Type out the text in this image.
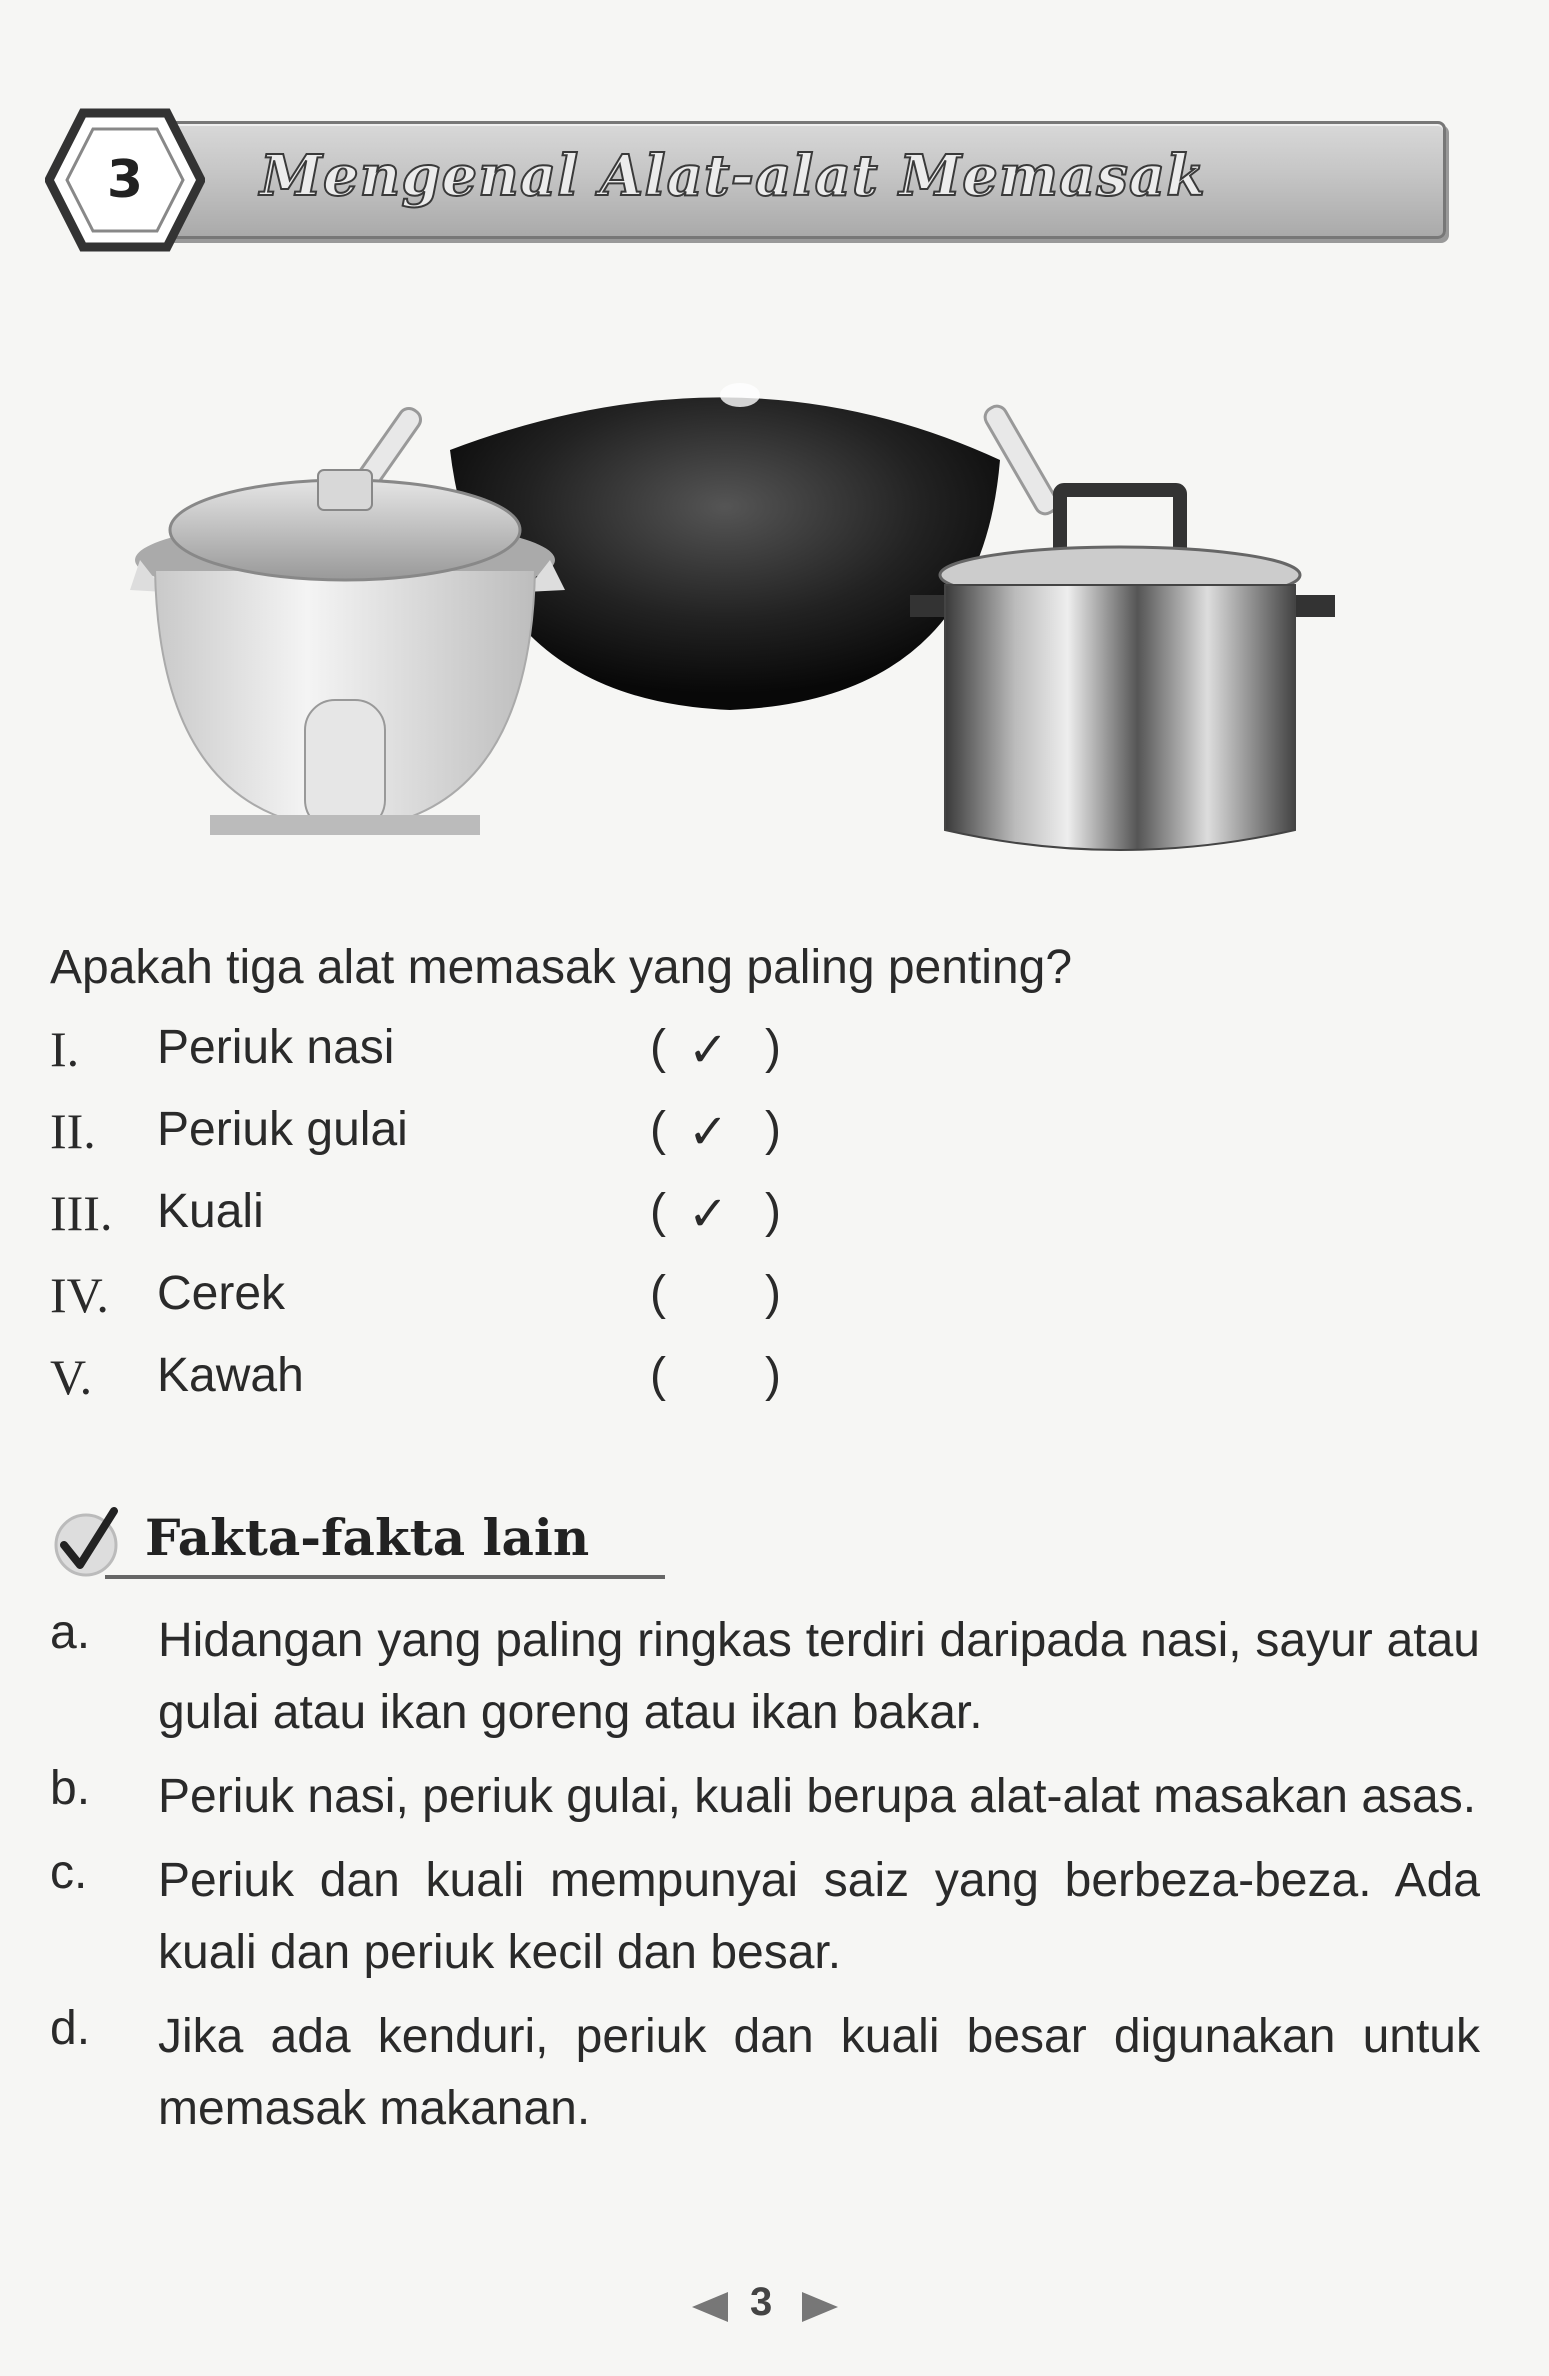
3	Mengenal Alat-alat Memasak
Apakah tiga alat memasak yang paling penting?
I. Periuk nasi	( ✓ )
II. Periuk gulai	( ✓ )
III. Kuali	( ✓ )
IV. Cerek	( )
V. Kawah	( )
Fakta-fakta lain
a. Hidangan yang paling ringkas terdiri daripada nasi, sayur atau gulai atau ikan goreng atau ikan bakar.
b. Periuk nasi, periuk gulai, kuali berupa alat-alat masakan asas.
c. Periuk dan kuali mempunyai saiz yang berbeza-beza. Ada kuali dan periuk kecil dan besar.
d. Jika ada kenduri, periuk dan kuali besar digunakan untuk memasak makanan.
3
